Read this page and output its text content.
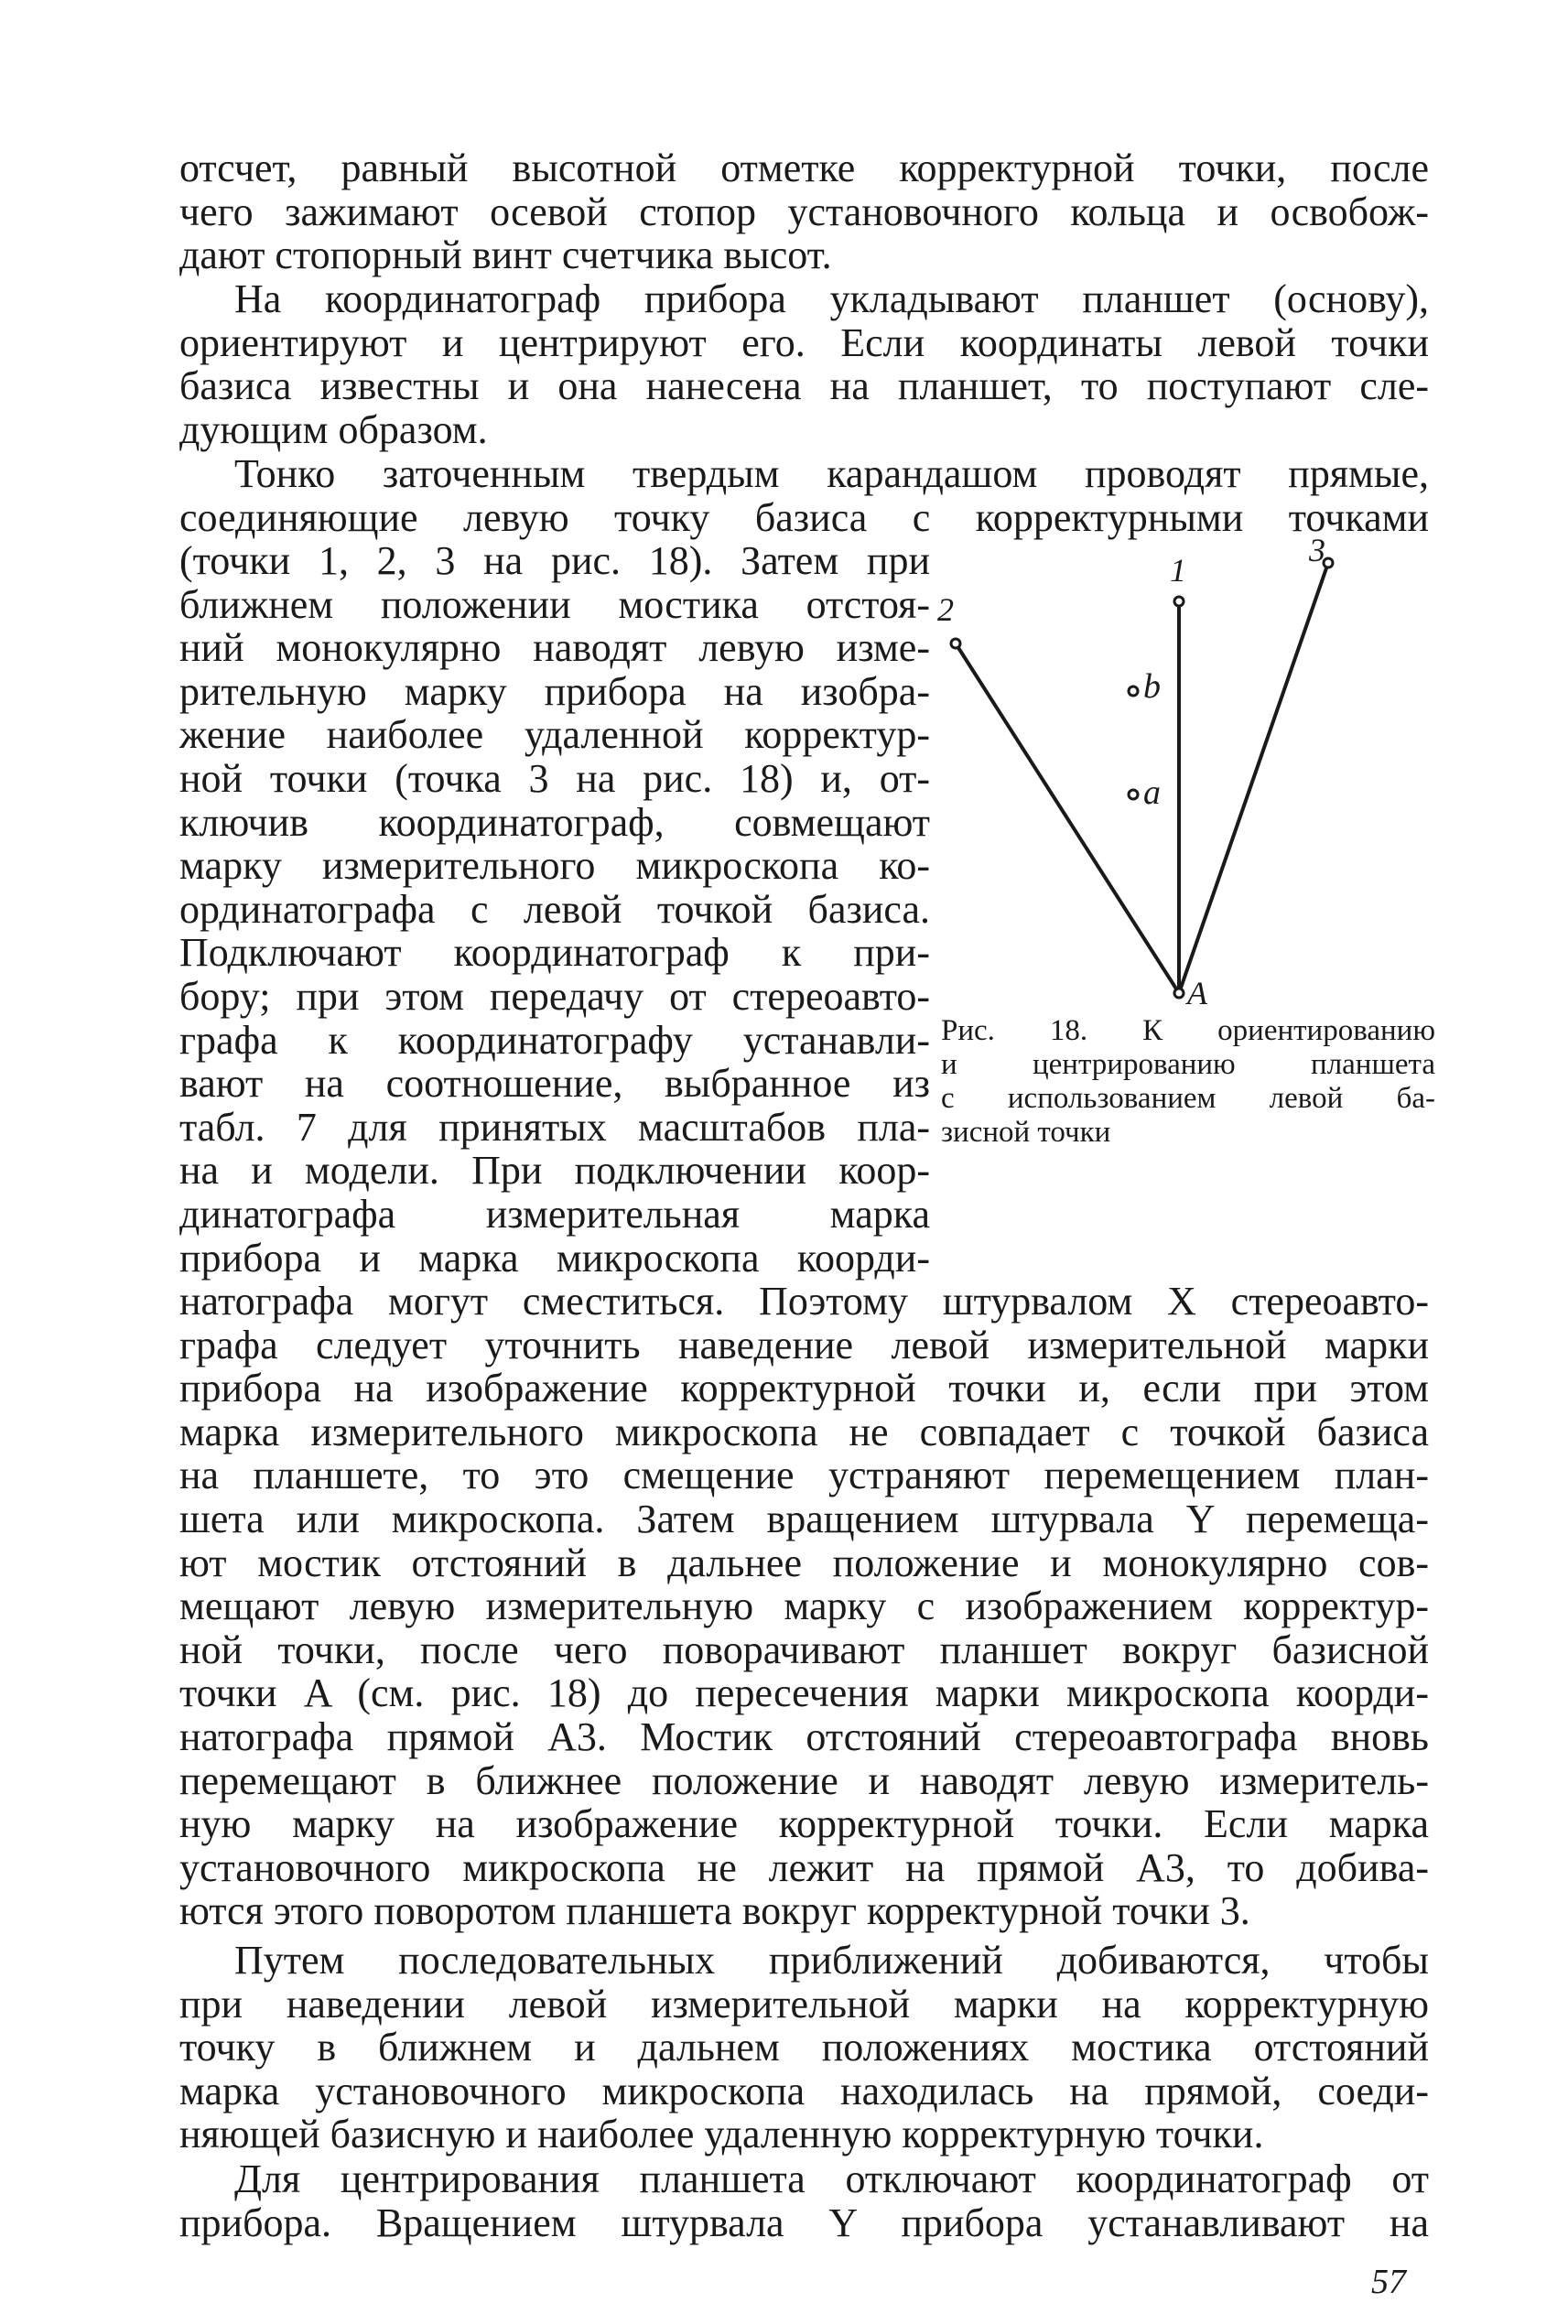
отсчет, равный высотной отметке корректурной точки, после
чего зажимают осевой стопор установочного кольца и освобож-
дают стопорный винт счетчика высот.
На координатограф прибора укладывают планшет (основу),
ориентируют и центрируют его. Если координаты левой точки
базиса известны и она нанесена на планшет, то поступают сле-
дующим образом.
Тонко заточенным твердым карандашом проводят прямые,
соединяющие левую точку базиса с корректурными точками
(точки 1, 2, 3 на рис. 18). Затем при
ближнем положении мостика отстоя-
ний монокулярно наводят левую изме-
рительную марку прибора на изобра-
жение наиболее удаленной корректур-
ной точки (точка 3 на рис. 18) и, от-
ключив координатограф, совмещают
марку измерительного микроскопа ко-
ординатографа с левой точкой базиса.
Подключают координатограф к при-
бору; при этом передачу от стереоавто-
графа к координатографу устанавли-
вают на соотношение, выбранное из
табл. 7 для принятых масштабов пла-
на и модели. При подключении коор-
динатографа измерительная марка
прибора и марка микроскопа коорди-
2
1
3
b
a
A
Рис. 18. К ориентированию
и центрированию планшета
с использованием левой ба-
зисной точки
натографа могут сместиться. Поэтому штурвалом X стереоавто-
графа следует уточнить наведение левой измерительной марки
прибора на изображение корректурной точки и, если при этом
марка измерительного микроскопа не совпадает с точкой базиса
на планшете, то это смещение устраняют перемещением план-
шета или микроскопа. Затем вращением штурвала Y перемеща-
ют мостик отстояний в дальнее положение и монокулярно сов-
мещают левую измерительную марку с изображением корректур-
ной точки, после чего поворачивают планшет вокруг базисной
точки A (см. рис. 18) до пересечения марки микроскопа коорди-
натографа прямой A3. Мостик отстояний стереоавтографа вновь
перемещают в ближнее положение и наводят левую измеритель-
ную марку на изображение корректурной точки. Если марка
установочного микроскопа не лежит на прямой A3, то добива-
ются этого поворотом планшета вокруг корректурной точки 3.
Путем последовательных приближений добиваются, чтобы
при наведении левой измерительной марки на корректурную
точку в ближнем и дальнем положениях мостика отстояний
марка установочного микроскопа находилась на прямой, соеди-
няющей базисную и наиболее удаленную корректурную точки.
Для центрирования планшета отключают координатограф от
прибора. Вращением штурвала Y прибора устанавливают на
57
